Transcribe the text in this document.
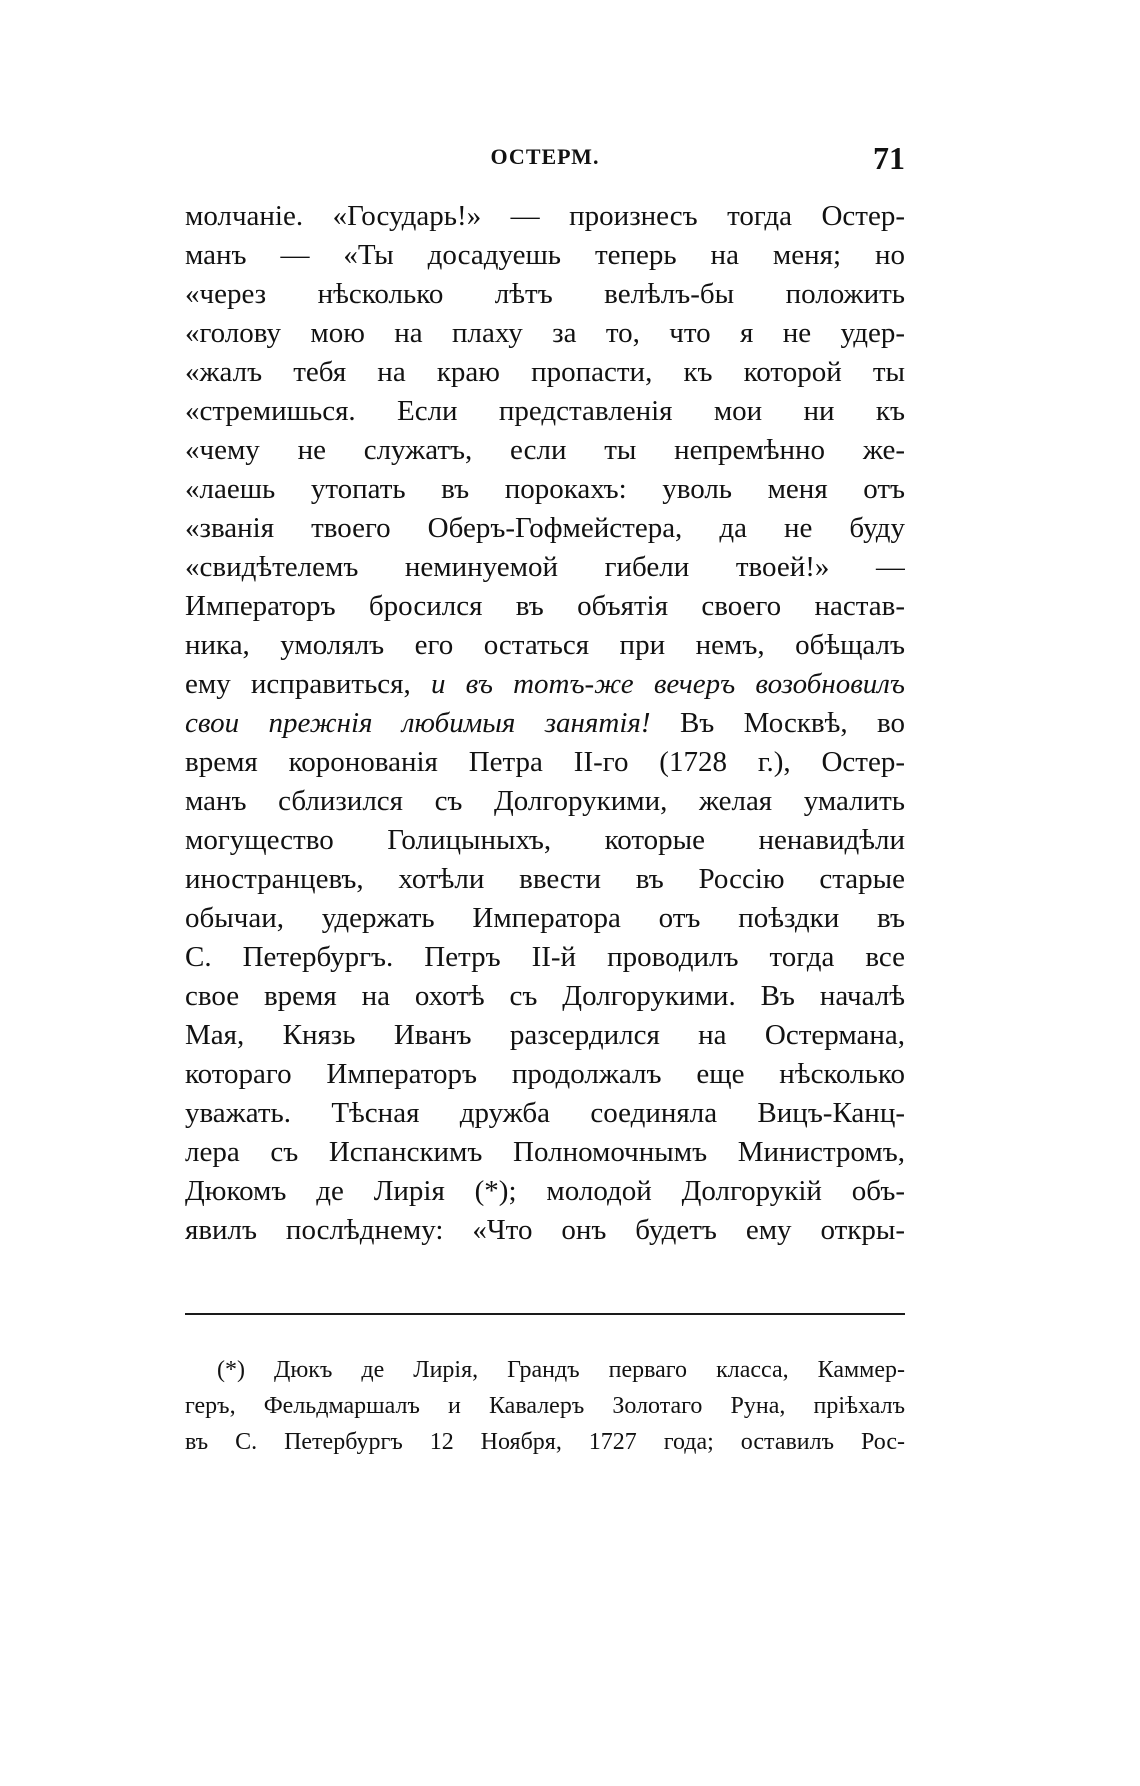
ОСТЕРМ.	71
молчаніе. «Государь!» — произнесъ тогда Остер-
манъ — «Ты досадуешь теперь на меня; но
«через нѣсколько лѣтъ велѣлъ-бы положить
«голову мою на плаху за то, что я не удер-
«жалъ тебя на краю пропасти, къ которой ты
«стремишься. Если представленія мои ни къ
«чему не служатъ, если ты непремѣнно же-
«лаешь утопать въ порокахъ: уволь меня отъ
«званія твоего Оберъ-Гофмейстера, да не буду
«свидѣтелемъ неминуемой гибели твоей!» —
Императоръ бросился въ объятія своего настав-
ника, умолялъ его остаться при немъ, обѣщалъ
ему исправиться, и въ тотъ-же вечеръ возобновилъ
свои прежнія любимыя занятія! Въ Москвѣ, во
время коронованія Петра II-го (1728 г.), Остер-
манъ сблизился съ Долгорукими, желая умалить
могущество Голицыныхъ, которые ненавидѣли
иностранцевъ, хотѣли ввести въ Россію старые
обычаи, удержать Императора отъ поѣздки въ
С. Петербургъ. Петръ II-й проводилъ тогда все
свое время на охотѣ съ Долгорукими. Въ началѣ
Мая, Князь Иванъ разсердился на Остермана,
котораго Императоръ продолжалъ еще нѣсколько
уважать. Тѣсная дружба соединяла Вицъ-Канц-
лера съ Испанскимъ Полномочнымъ Министромъ,
Дюкомъ де Лирія (*); молодой Долгорукій объ-
явилъ послѣднему: «Что онъ будетъ ему откры-
(*) Дюкъ де Лирія, Грандъ перваго класса, Каммер-
геръ, Фельдмаршалъ и Кавалеръ Золотаго Руна, прiѣхалъ
въ С. Петербургъ 12 Ноября, 1727 года; оставилъ Рос-
